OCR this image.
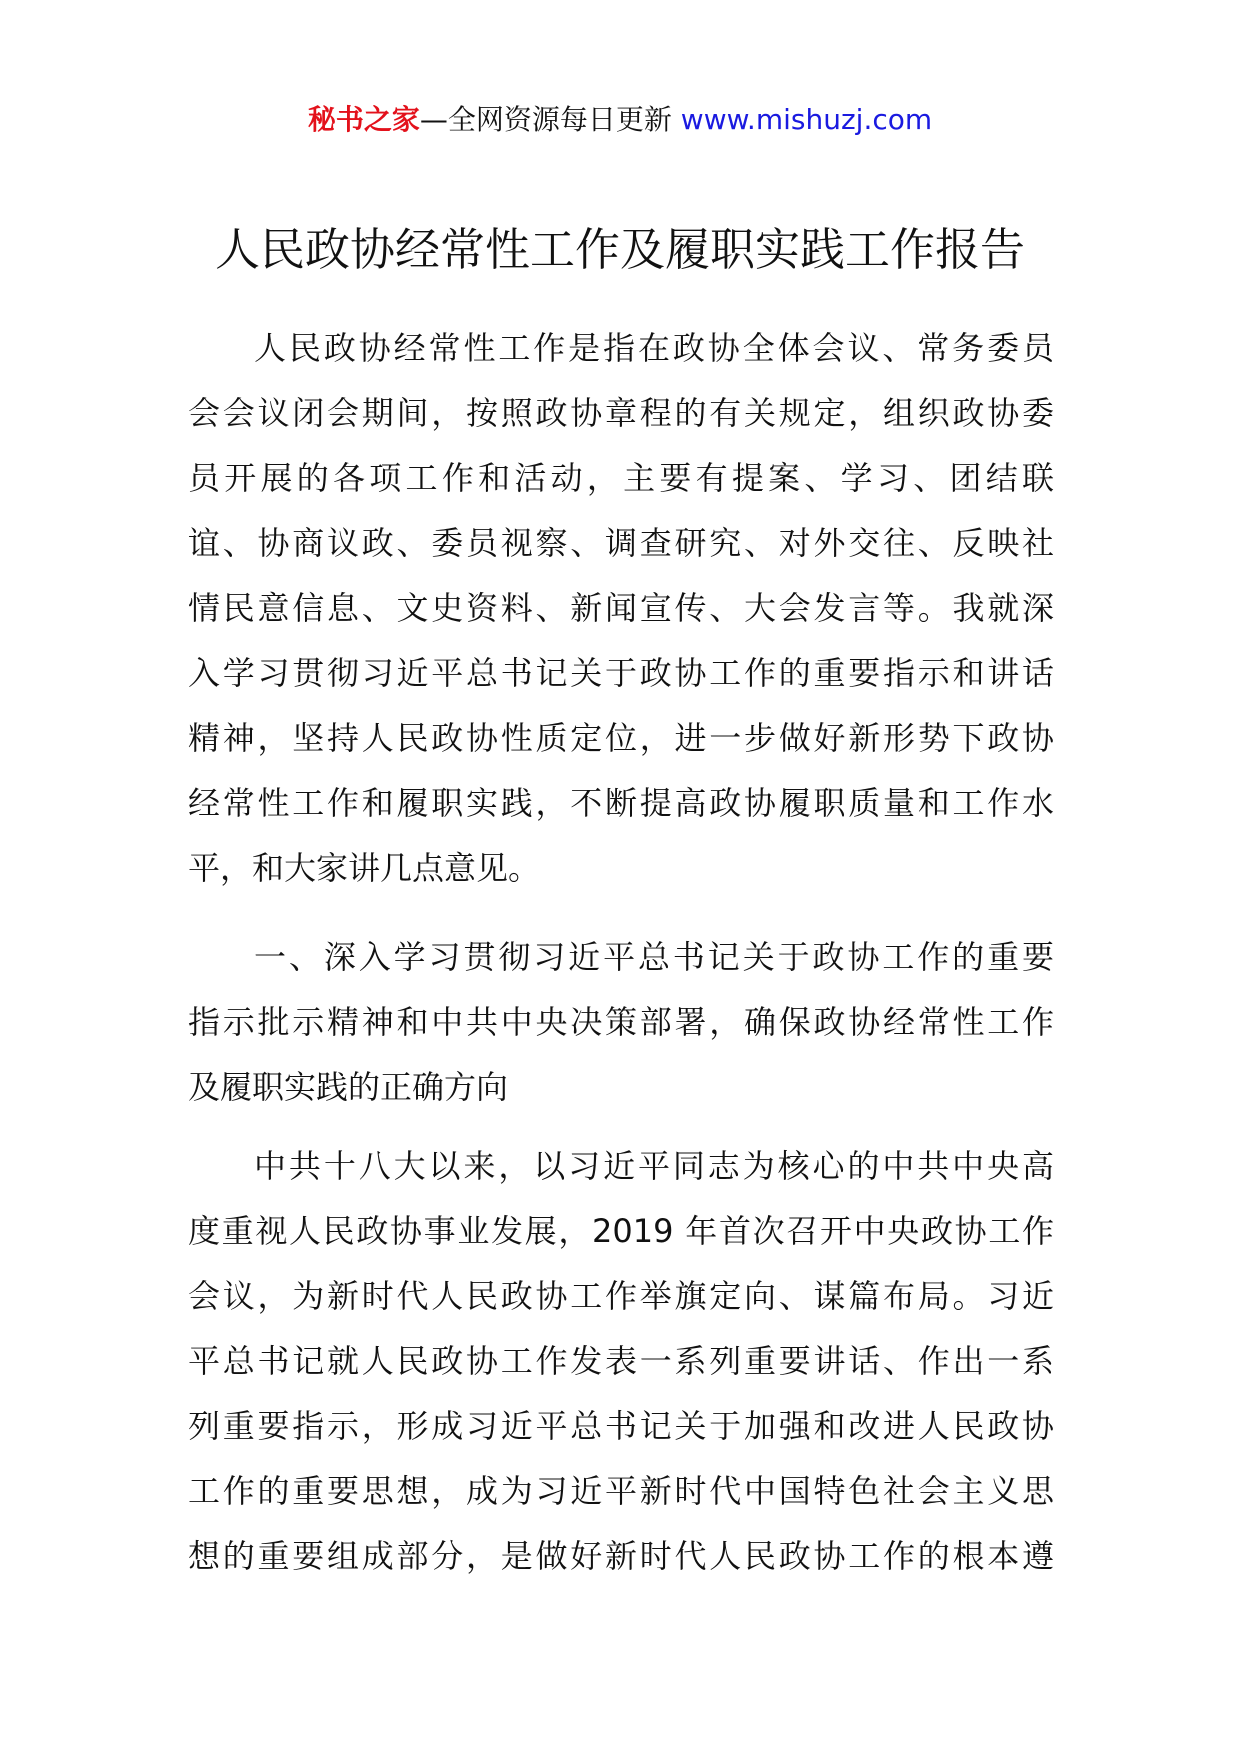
秘书之家—全网资源每日更新 www.mishuzj.com
人民政协经常性工作及履职实践工作报告

人民政协经常性工作是指在政协全体会议、常务委员
会会议闭会期间，按照政协章程的有关规定，组织政协委
员开展的各项工作和活动，主要有提案、学习、团结联
谊、协商议政、委员视察、调查研究、对外交往、反映社
情民意信息、文史资料、新闻宣传、大会发言等。我就深
入学习贯彻习近平总书记关于政协工作的重要指示和讲话
精神，坚持人民政协性质定位，进一步做好新形势下政协
经常性工作和履职实践，不断提高政协履职质量和工作水
平，和大家讲几点意见。

一、深入学习贯彻习近平总书记关于政协工作的重要
指示批示精神和中共中央决策部署，确保政协经常性工作
及履职实践的正确方向

中共十八大以来，以习近平同志为核心的中共中央高
度重视人民政协事业发展，2019 年首次召开中央政协工作
会议，为新时代人民政协工作举旗定向、谋篇布局。习近
平总书记就人民政协工作发表一系列重要讲话、作出一系
列重要指示，形成习近平总书记关于加强和改进人民政协
工作的重要思想，成为习近平新时代中国特色社会主义思
想的重要组成部分，是做好新时代人民政协工作的根本遵
